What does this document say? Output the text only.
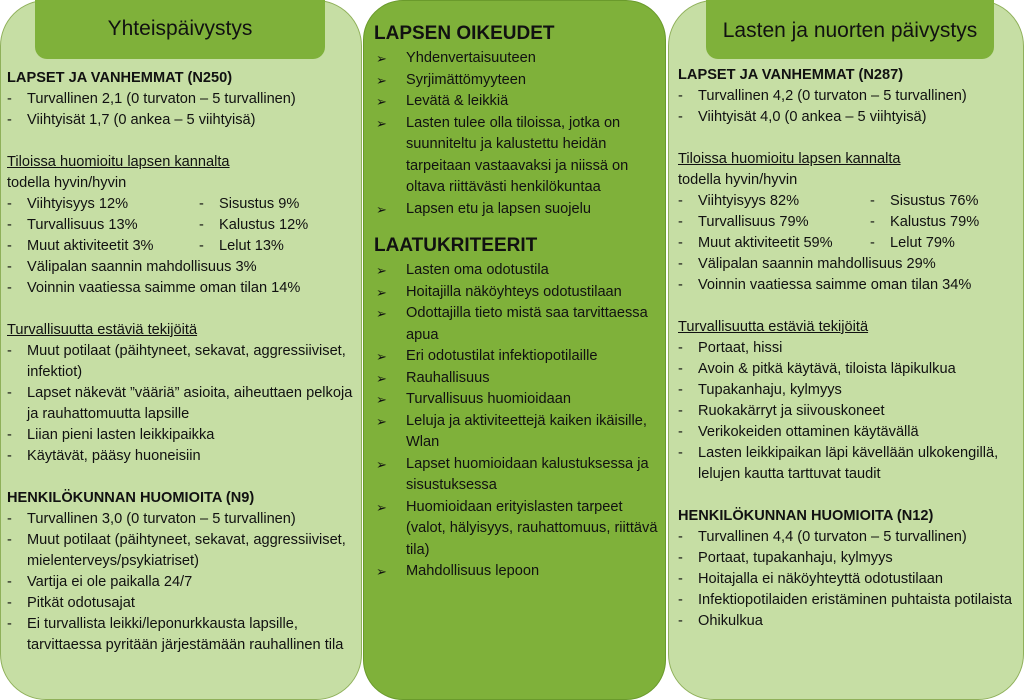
Yhteispäivystys
LAPSET JA VANHEMMAT (N250)
- Turvallinen 2,1 (0 turvaton – 5 turvallinen)
- Viihtyisät 1,7 (0 ankea – 5 viihtyisä)
Tiloissa huomioitu lapsen kannalta
todella hyvin/hyvin
- Viihtyisyys 12%	- Sisustus 9%
- Turvallisuus 13%	- Kalustus 12%
- Muut aktiviteetit 3%	- Lelut 13%
- Välipalan saannin mahdollisuus 3%
- Voinnin vaatiessa saimme oman tilan 14%
Turvallisuutta estäviä tekijöitä
- Muut potilaat (päihtyneet, sekavat, aggressiiviset, infektiot)
- Lapset näkevät ”vääriä” asioita, aiheuttaen pelkoja ja rauhattomuutta lapsille
- Liian pieni lasten leikkipaikka
- Käytävät, pääsy huoneisiin
HENKILÖKUNNAN HUOMIOITA (N9)
- Turvallinen 3,0 (0 turvaton – 5 turvallinen)
- Muut potilaat (päihtyneet, sekavat, aggressiiviset, mielenterveys/psykiatriset)
- Vartija ei ole paikalla 24/7
- Pitkät odotusajat
- Ei turvallista leikki/leponurkkausta lapsille, tarvittaessa pyritään järjestämään rauhallinen tila
LAPSEN OIKEUDET
➢ Yhdenvertaisuuteen
➢ Syrjimättömyyteen
➢ Levätä & leikkiä
➢ Lasten tulee olla tiloissa, jotka on suunniteltu ja kalustettu heidän tarpeitaan vastaavaksi ja niissä on oltava riittävästi henkilökuntaa
➢ Lapsen etu ja lapsen suojelu
LAATUKRITEERIT
➢ Lasten oma odotustila
➢ Hoitajilla näköyhteys odotustilaan
➢ Odottajilla tieto mistä saa tarvittaessa apua
➢ Eri odotustilat infektiopotilaille
➢ Rauhallisuus
➢ Turvallisuus huomioidaan
➢ Leluja ja aktiviteettejä kaiken ikäisille, Wlan
➢ Lapset huomioidaan kalustuksessa ja sisustuksessa
➢ Huomioidaan erityislasten tarpeet (valot, hälyisyys, rauhattomuus, riittävä tila)
➢ Mahdollisuus lepoon
Lasten ja nuorten päivystys
LAPSET JA VANHEMMAT (N287)
- Turvallinen 4,2 (0 turvaton – 5 turvallinen)
- Viihtyisät 4,0 (0 ankea – 5 viihtyisä)
Tiloissa huomioitu lapsen kannalta
todella hyvin/hyvin
- Viihtyisyys 82%	- Sisustus 76%
- Turvallisuus 79%	- Kalustus 79%
- Muut aktiviteetit 59%	- Lelut 79%
- Välipalan saannin mahdollisuus 29%
- Voinnin vaatiessa saimme oman tilan 34%
Turvallisuutta estäviä tekijöitä
- Portaat, hissi
- Avoin & pitkä käytävä, tiloista läpikulkua
- Tupakanhaju, kylmyys
- Ruokakärryt ja siivouskoneet
- Verikokeiden ottaminen käytävällä
- Lasten leikkipaikan läpi kävellään ulkokengillä, lelujen kautta tarttuvat taudit
HENKILÖKUNNAN HUOMIOITA (N12)
- Turvallinen 4,4 (0 turvaton – 5 turvallinen)
- Portaat, tupakanhaju, kylmyys
- Hoitajalla ei näköyhteyttä odotustilaan
- Infektiopotilaiden eristäminen puhtaista potilaista
- Ohikulkua
